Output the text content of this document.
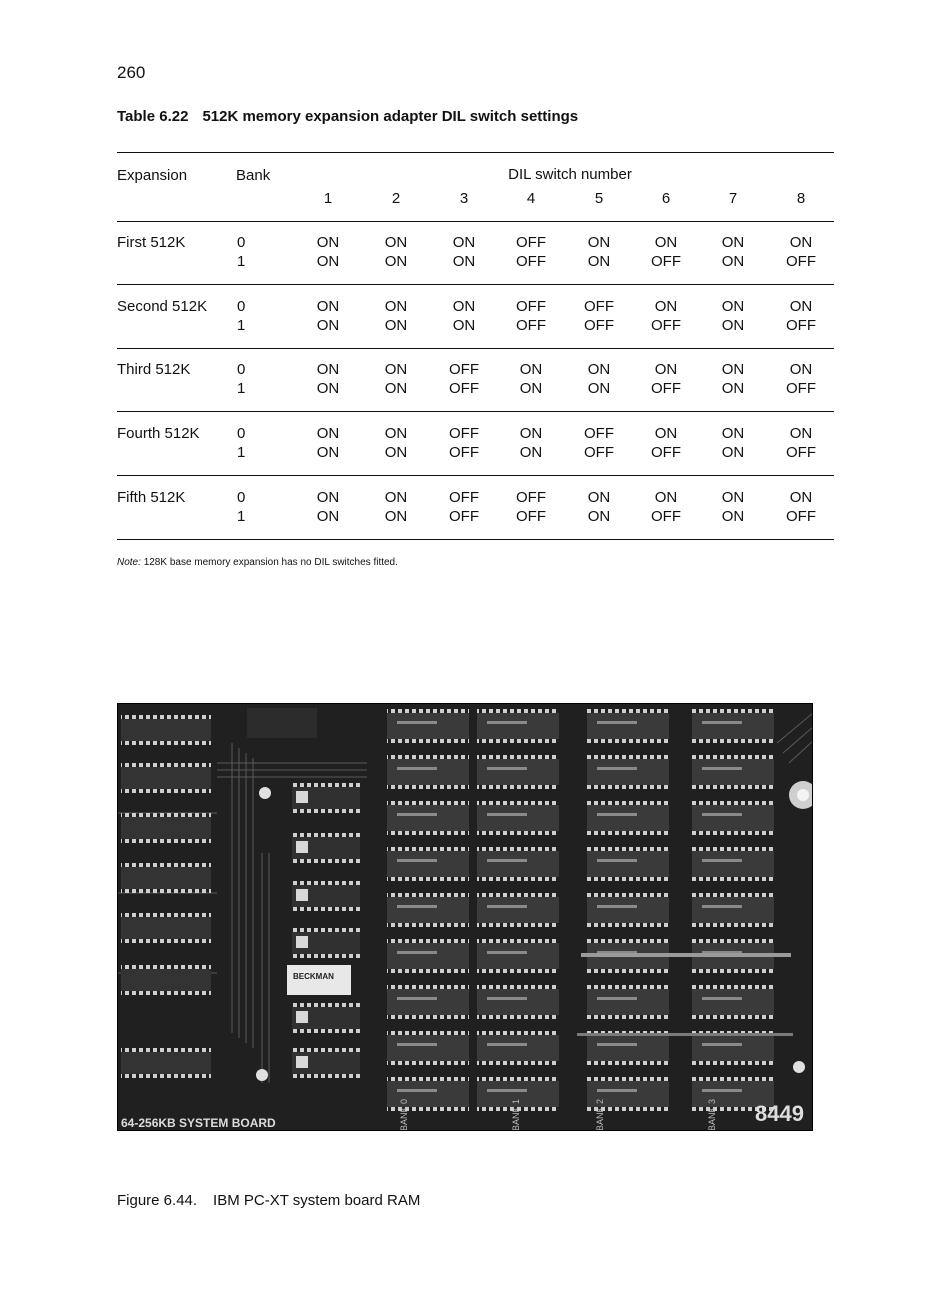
260
Table 6.22 512K memory expansion adapter DIL switch settings
Expansion	Bank	DIL switch number
1	2	3	4	5	6	7	8
First 512K	0	ON	ON	ON	OFF	ON	ON	ON	ON
1	ON	ON	ON	OFF	ON	OFF	ON	OFF
Second 512K 0	ON	ON	ON	OFF	OFF	ON	ON	ON
1	ON	ON	ON	OFF	OFF	OFF	ON	OFF
Third 512K	0	ON	ON	OFF	ON	ON	ON	ON	ON
1	ON	ON	OFF	ON	ON	OFF	ON	OFF
Fourth 512K 0	ON	ON	OFF	ON	OFF	ON	ON	ON
1	ON	ON	OFF	ON	OFF	OFF	ON	OFF
Fifth 512K	0	ON	ON	OFF	OFF	ON	ON	ON	ON
1	ON	ON	OFF	OFF	ON	OFF	ON	OFF
Note: 128K base memory expansion has no DIL switches fitted.
64-256KB SYSTEM BOARD	8449
BANK 0	BANK 1	BANK 2	BANK 3
BECKMAN
Figure 6.44. IBM PC-XT system board RAM
